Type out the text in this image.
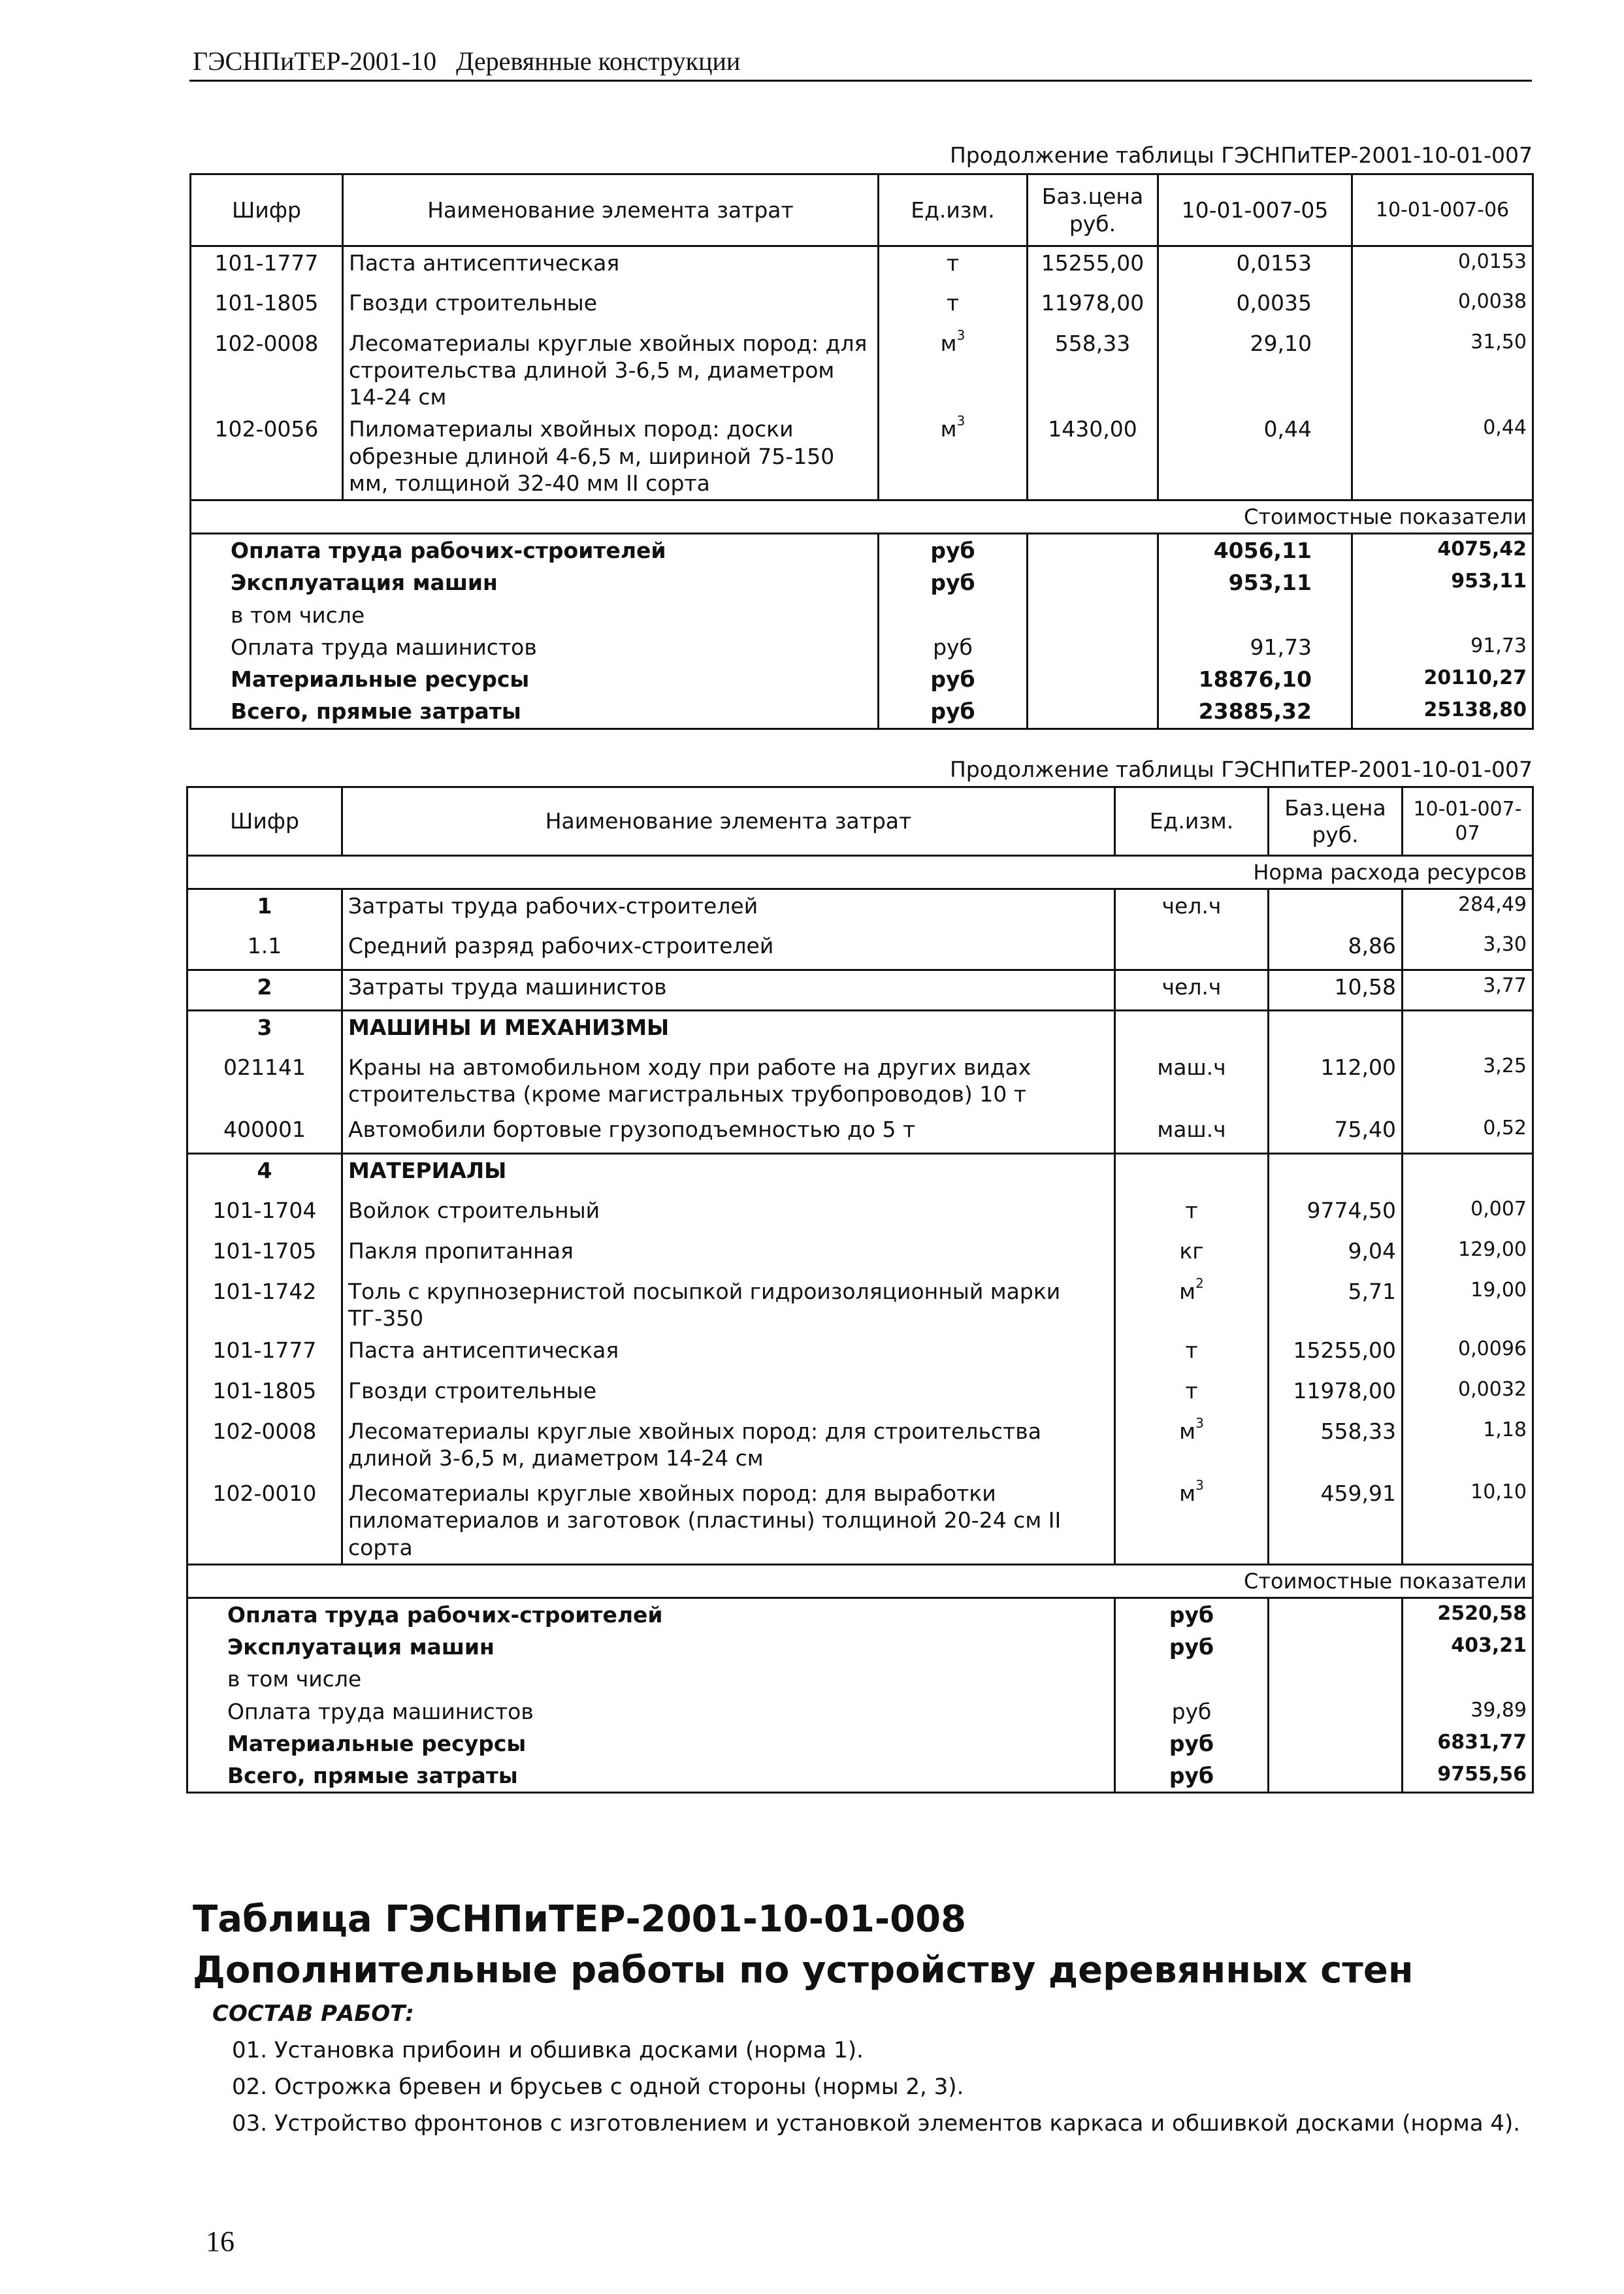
ГЭСНПиТЕР-2001-10 Деревянные конструкции
Продолжение таблицы ГЭСНПиТЕР-2001-10-01-007
Шифр	Наименование элемента затрат	Ед.изм.	Баз.цена руб.	10-01-007-05	10-01-007-06
101-1777	Паста антисептическая	т	15255,00	0,0153	0,0153
101-1805	Гвозди строительные	т	11978,00	0,0035	0,0038
102-0008	Лесоматериалы круглые хвойных пород: для строительства длиной 3-6,5 м, диаметром 14-24 см	$м^3$	558,33	29,10	31,50
102-0056	Пиломатериалы хвойных пород: доски обрезные длиной 4-6,5 м, шириной 75-150 мм, толщиной 32-40 мм II сорта	$м^3$	1430,00	0,44	0,44
Стоимостные показатели					
Оплата труда рабочих-строителей		руб		4056,11	4075,42
Эксплуатация машин		руб		953,11	953,11
в том числе					
Оплата труда машинистов		руб		91,73	91,73
Материальные ресурсы		руб		18876,10	20110,27
Всего, прямые затраты		руб		23885,32	25138,80
Продолжение таблицы ГЭСНПиТЕР-2001-10-01-007
Шифр	Наименование элемента затрат	Ед.изм.	Баз.цена руб.	10-01-007-07
Норма расхода ресурсов				
1	Затраты труда рабочих-строителей	чел.ч		284,49
1.1	Средний разряд рабочих-строителей		8,86	3,30
2	Затраты труда машинистов	чел.ч	10,58	3,77
3	МАШИНЫ И МЕХАНИЗМЫ			
021141	Краны на автомобильном ходу при работе на других видах строительства (кроме магистральных трубопроводов) 10 т	маш.ч	112,00	3,25
400001	Автомобили бортовые грузоподъемностью до 5 т	маш.ч	75,40	0,52
4	МАТЕРИАЛЫ			
101-1704	Войлок строительный	т	9774,50	0,007
101-1705	Пакля пропитанная	кг	9,04	129,00
101-1742	Толь с крупнозернистой посыпкой гидроизоляционный марки ТГ-350	$м^2$	5,71	19,00
101-1777	Паста антисептическая	т	15255,00	0,0096
101-1805	Гвозди строительные	т	11978,00	0,0032
102-0008	Лесоматериалы круглые хвойных пород: для строительства длиной 3-6,5 м, диаметром 14-24 см	$м^3$	558,33	1,18
102-0010	Лесоматериалы круглые хвойных пород: для выработки пиломатериалов и заготовок (пластины) толщиной 20-24 см II сорта	$м^3$	459,91	10,10
Стоимостные показатели				
Оплата труда рабочих-строителей		руб		2520,58
Эксплуатация машин		руб		403,21
в том числе				
Оплата труда машинистов		руб		39,89
Материальные ресурсы		руб		6831,77
Всего, прямые затраты		руб		9755,56
Таблица ГЭСНПиТЕР-2001-10-01-008
Дополнительные работы по устройству деревянных стен
СОСТАВ РАБОТ:
01. Установка прибоин и обшивка досками (норма 1).
02. Острожка бревен и брусьев с одной стороны (нормы 2, 3).
03. Устройство фронтонов с изготовлением и установкой элементов каркаса и обшивкой досками (норма 4).
16
